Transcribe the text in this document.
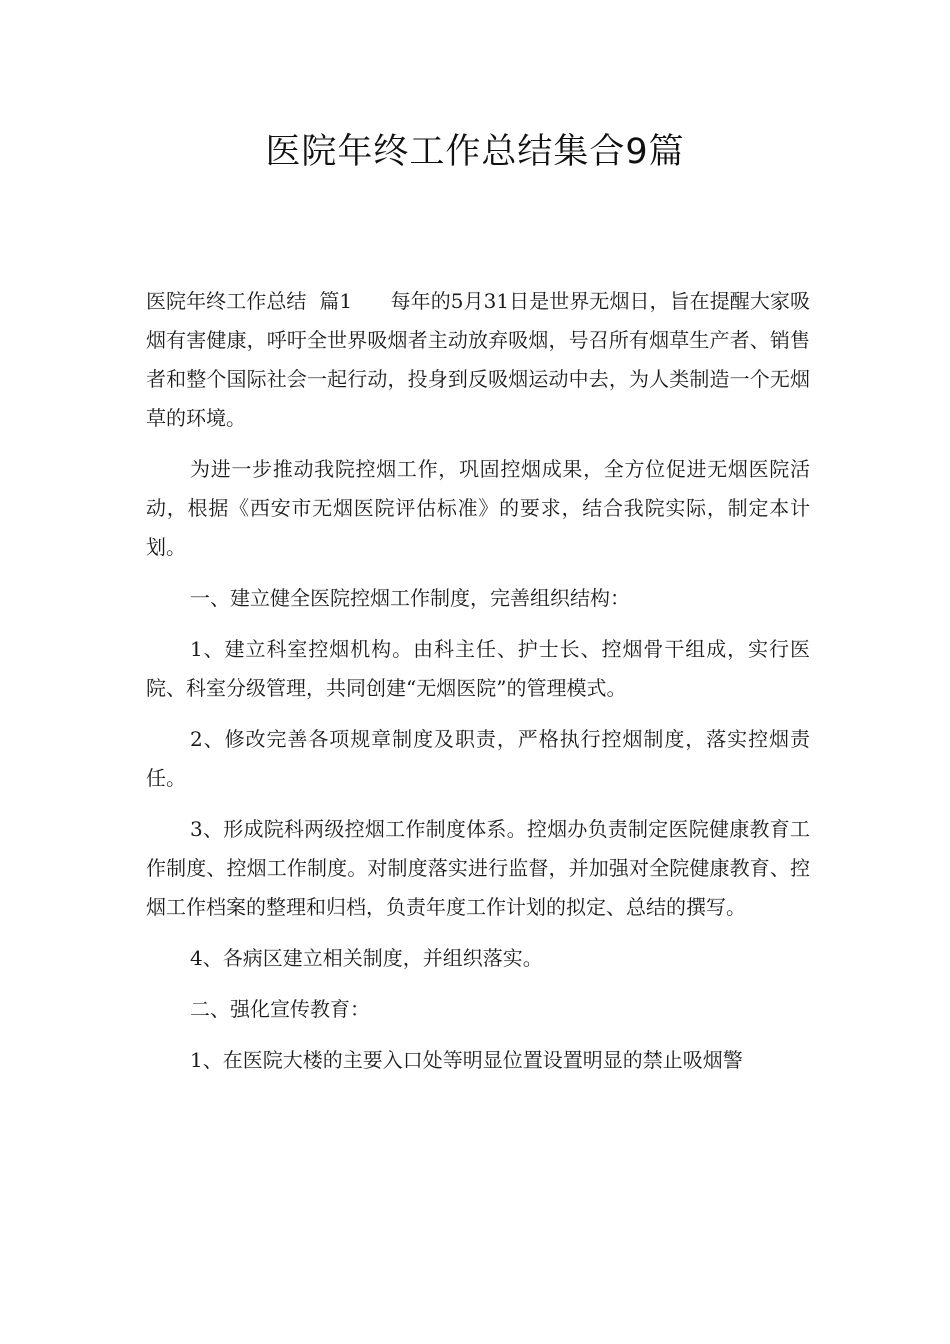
医院年终工作总结集合9篇

医院年终工作总结  篇1      每年的5月31日是世界无烟日，旨在提醒大家吸烟有害健康，呼吁全世界吸烟者主动放弃吸烟，号召所有烟草生产者、销售者和整个国际社会一起行动，投身到反吸烟运动中去，为人类制造一个无烟草的环境。

为进一步推动我院控烟工作，巩固控烟成果，全方位促进无烟医院活动，根据《西安市无烟医院评估标准》的要求，结合我院实际，制定本计划。

一、建立健全医院控烟工作制度，完善组织结构：

1、建立科室控烟机构。由科主任、护士长、控烟骨干组成，实行医院、科室分级管理，共同创建“无烟医院”的管理模式。

2、修改完善各项规章制度及职责，严格执行控烟制度，落实控烟责任。

3、形成院科两级控烟工作制度体系。控烟办负责制定医院健康教育工作制度、控烟工作制度。对制度落实进行监督，并加强对全院健康教育、控烟工作档案的整理和归档，负责年度工作计划的拟定、总结的撰写。

4、各病区建立相关制度，并组织落实。

二、强化宣传教育：

1、在医院大楼的主要入口处等明显位置设置明显的禁止吸烟警
